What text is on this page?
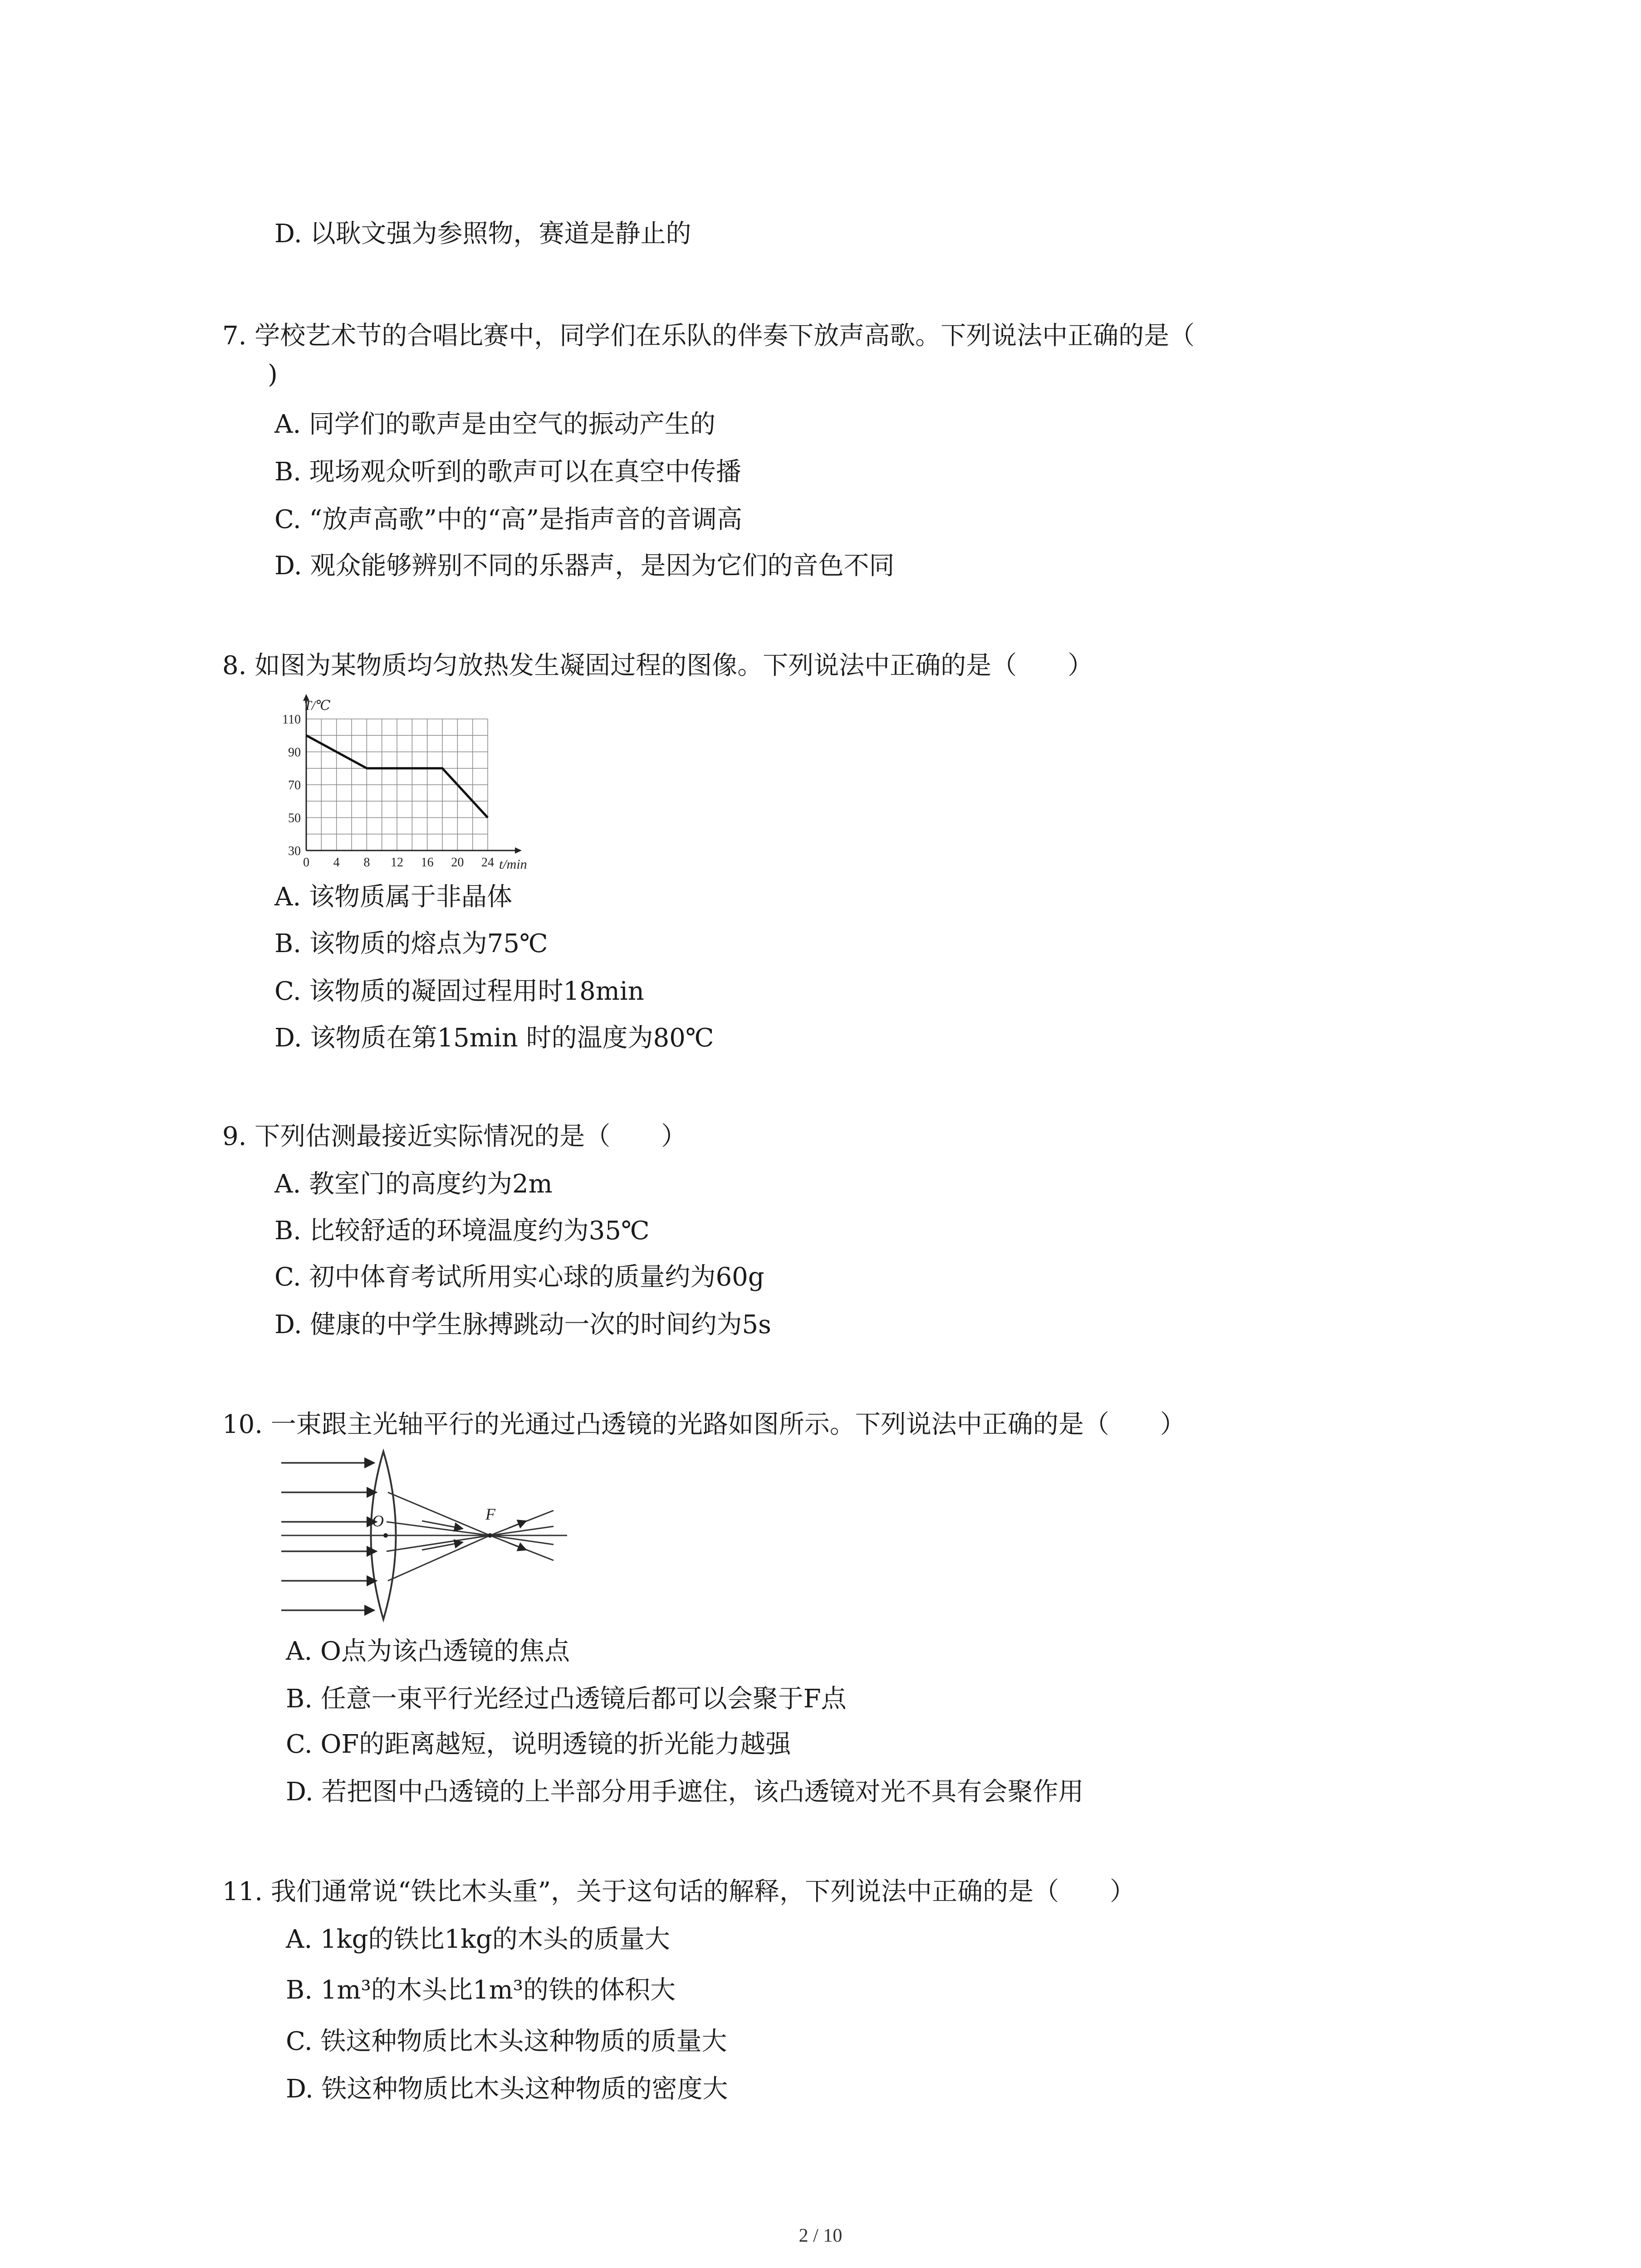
D. 以耿文强为参照物，赛道是静止的
7. 学校艺术节的合唱比赛中，同学们在乐队的伴奏下放声高歌。下列说法中正确的是（
)
A. 同学们的歌声是由空气的振动产生的
B. 现场观众听到的歌声可以在真空中传播
C. “放声高歌”中的“高”是指声音的音调高
D. 观众能够辨别不同的乐器声，是因为它们的音色不同
8. 如图为某物质均匀放热发生凝固过程的图像。下列说法中正确的是（　　）
0 4 8 12 16 20 24
30
50
70
90
110
T/℃
t/min
A. 该物质属于非晶体
B. 该物质的熔点为75℃
C. 该物质的凝固过程用时18min
D. 该物质在第15min 时的温度为80℃
9. 下列估测最接近实际情况的是（　　）
A. 教室门的高度约为2m
B. 比较舒适的环境温度约为35℃
C. 初中体育考试所用实心球的质量约为60g
D. 健康的中学生脉搏跳动一次的时间约为5s
10. 一束跟主光轴平行的光通过凸透镜的光路如图所示。下列说法中正确的是（　　）
O	F
A. O点为该凸透镜的焦点
B. 任意一束平行光经过凸透镜后都可以会聚于F点
C. OF的距离越短，说明透镜的折光能力越强
D. 若把图中凸透镜的上半部分用手遮住，该凸透镜对光不具有会聚作用
11. 我们通常说“铁比木头重”，关于这句话的解释，下列说法中正确的是（　　）
A. 1kg的铁比1kg的木头的质量大
B. 1m³的木头比1m³的铁的体积大
C. 铁这种物质比木头这种物质的质量大
D. 铁这种物质比木头这种物质的密度大
2 / 10
